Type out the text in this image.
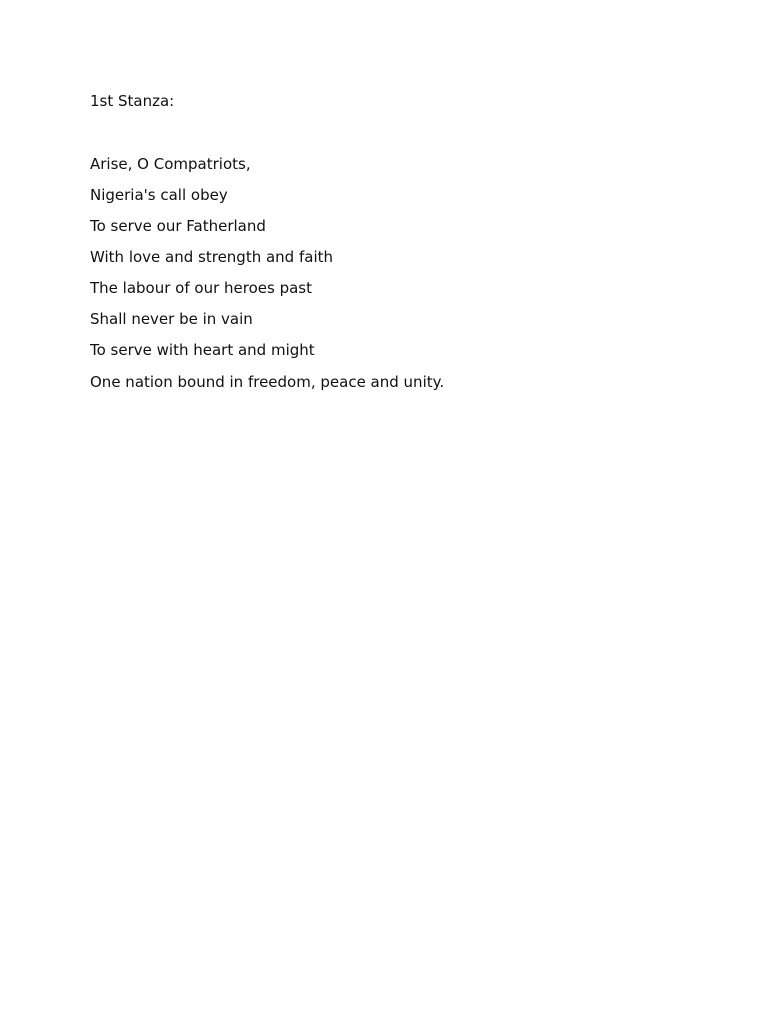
1st Stanza:

Arise, O Compatriots,

Nigeria's call obey

To serve our Fatherland

With love and strength and faith

The labour of our heroes past

Shall never be in vain

To serve with heart and might

One nation bound in freedom, peace and unity.
